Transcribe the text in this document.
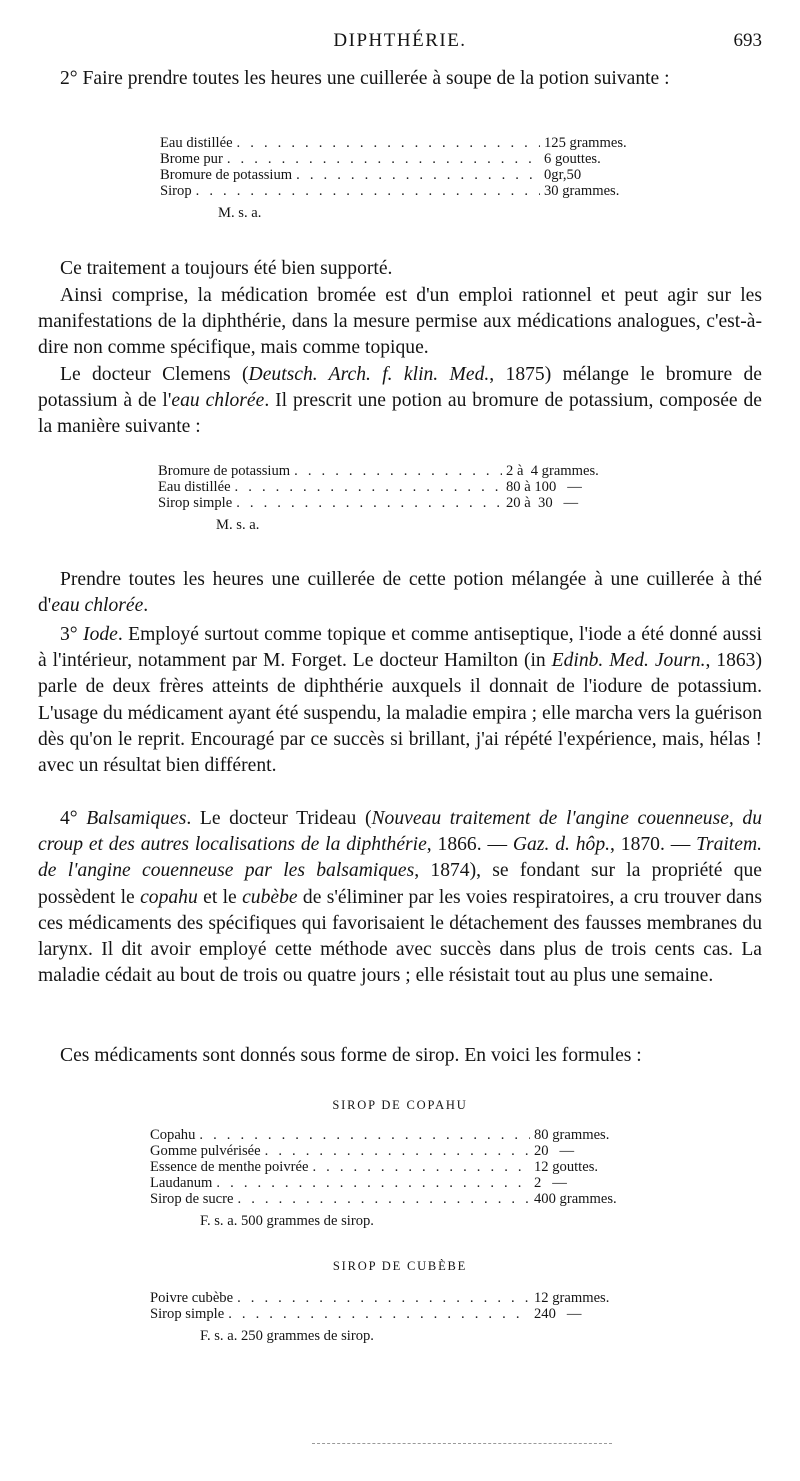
DIPHTHÉRIE.	693

2° Faire prendre toutes les heures une cuillerée à soupe de la potion suivante :

Eau distillée . . .	125 grammes.
Brome pur . . .	6 gouttes.
Bromure de potassium . . .	0gr,50
Sirop . . .	30 grammes.
M. s. a.

Ce traitement a toujours été bien supporté.

Ainsi comprise, la médication bromée est d'un emploi rationnel et peut agir sur les manifestations de la diphthérie, dans la mesure permise aux médications analogues, c'est-à-dire non comme spécifique, mais comme topique.

Le docteur Clemens (Deutsch. Arch. f. klin. Med., 1875) mélange le bromure de potassium à de l'eau chlorée. Il prescrit une potion au bromure de potassium, composée de la manière suivante :

Bromure de potassium . . .	2 à  4 grammes.
Eau distillée . . .	80 à 100   —
Sirop simple . . .	20 à  30   —
M. s. a.

Prendre toutes les heures une cuillerée de cette potion mélangée à une cuillerée à thé d'eau chlorée.

3° Iode. Employé surtout comme topique et comme antiseptique, l'iode a été donné aussi à l'intérieur, notamment par M. Forget. Le docteur Hamilton (in Edinb. Med. Journ., 1863) parle de deux frères atteints de diphthérie auxquels il donnait de l'iodure de potassium. L'usage du médicament ayant été suspendu, la maladie empira ; elle marcha vers la guérison dès qu'on le reprit. Encouragé par ce succès si brillant, j'ai répété l'expérience, mais, hélas ! avec un résultat bien différent.

4° Balsamiques. Le docteur Trideau (Nouveau traitement de l'angine couenneuse, du croup et des autres localisations de la diphthérie, 1866. — Gaz. d. hôp., 1870. — Traitem. de l'angine couenneuse par les balsamiques, 1874), se fondant sur la propriété que possèdent le copahu et le cubèbe de s'éliminer par les voies respiratoires, a cru trouver dans ces médicaments des spécifiques qui favorisaient le détachement des fausses membranes du larynx. Il dit avoir employé cette méthode avec succès dans plus de trois cents cas. La maladie cédait au bout de trois ou quatre jours ; elle résistait tout au plus une semaine.

Ces médicaments sont donnés sous forme de sirop. En voici les formules :

SIROP DE COPAHU
Copahu . . .	80 grammes.
Gomme pulvérisée . . .	20   —
Essence de menthe poivrée . . .	12 gouttes.
Laudanum . . .	2   —
Sirop de sucre . . .	400 grammes.
F. s. a. 500 grammes de sirop.
SIROP DE CUBÈBE
Poivre cubèbe . . .	12 grammes.
Sirop simple . . .	240   —
F. s. a. 250 grammes de sirop.
